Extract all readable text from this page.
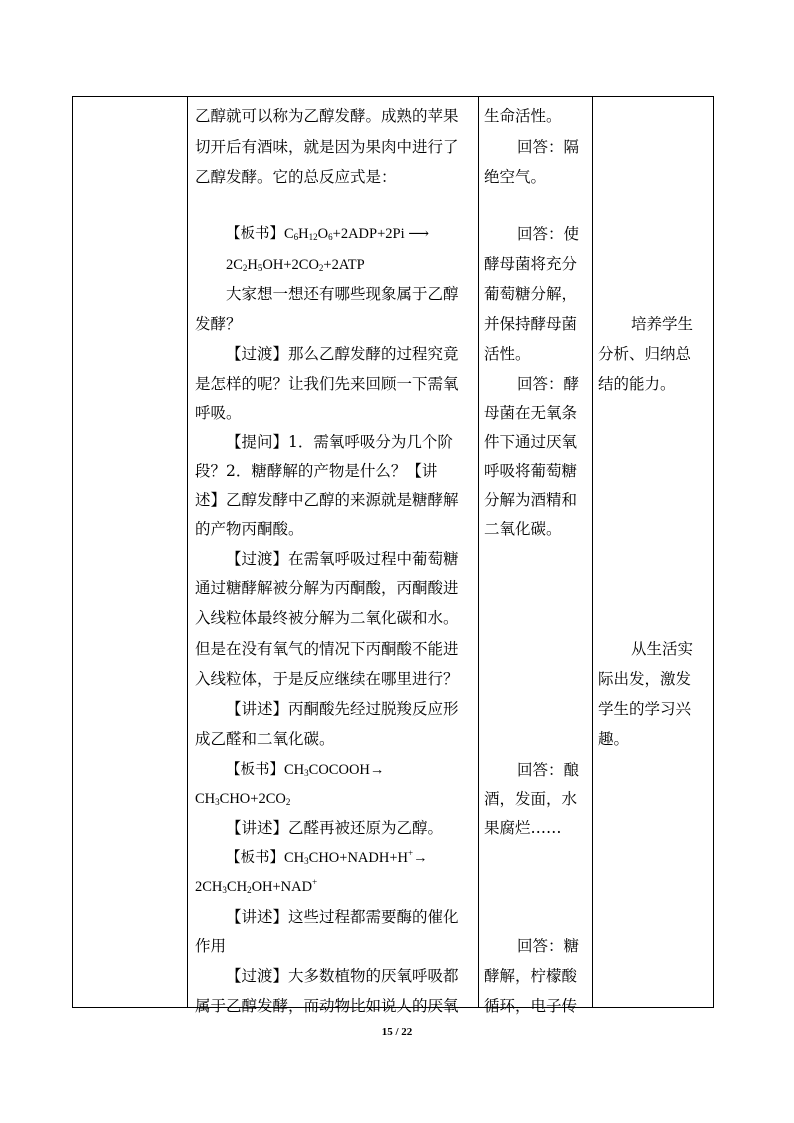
乙醇就可以称为乙醇发酵。成熟的苹果
切开后有酒味，就是因为果肉中进行了
乙醇发酵。它的总反应式是：
【板书】$C_6H_{12}O_6+2ADP+2Pi$ ⟶
$2C_2H_5OH+2CO_2+2ATP$
大家想一想还有哪些现象属于乙醇
发酵？
【过渡】那么乙醇发酵的过程究竟
是怎样的呢？让我们先来回顾一下需氧
呼吸。
【提问】1．需氧呼吸分为几个阶
段？2．糖酵解的产物是什么？【讲
述】乙醇发酵中乙醇的来源就是糖酵解
的产物丙酮酸。
【过渡】在需氧呼吸过程中葡萄糖
通过糖酵解被分解为丙酮酸，丙酮酸进
入线粒体最终被分解为二氧化碳和水。
但是在没有氧气的情况下丙酮酸不能进
入线粒体，于是反应继续在哪里进行？
【讲述】丙酮酸先经过脱羧反应形
成乙醛和二氧化碳。
【板书】$CH_3COCOOH\to$
$CH_3CHO+2CO_2$
【讲述】乙醛再被还原为乙醇。
【板书】$CH_3CHO+NADH+H^+\to$
$2CH_3CH_2OH+NAD^+$
【讲述】这些过程都需要酶的催化
作用
【过渡】大多数植物的厌氧呼吸都
属于乙醇发酵，而动物比如说人的厌氧
生命活性。
回答：隔
绝空气。
回答：使
酵母菌将充分
葡萄糖分解，
并保持酵母菌
活性。
回答：酵
母菌在无氧条
件下通过厌氧
呼吸将葡萄糖
分解为酒精和
二氧化碳。
回答：酿
酒，发面，水
果腐烂……
回答：糖
酵解，柠檬酸
循环，电子传
培养学生
分析、归纳总
结的能力。
从生活实
际出发，激发
学生的学习兴
趣。
15 / 22
